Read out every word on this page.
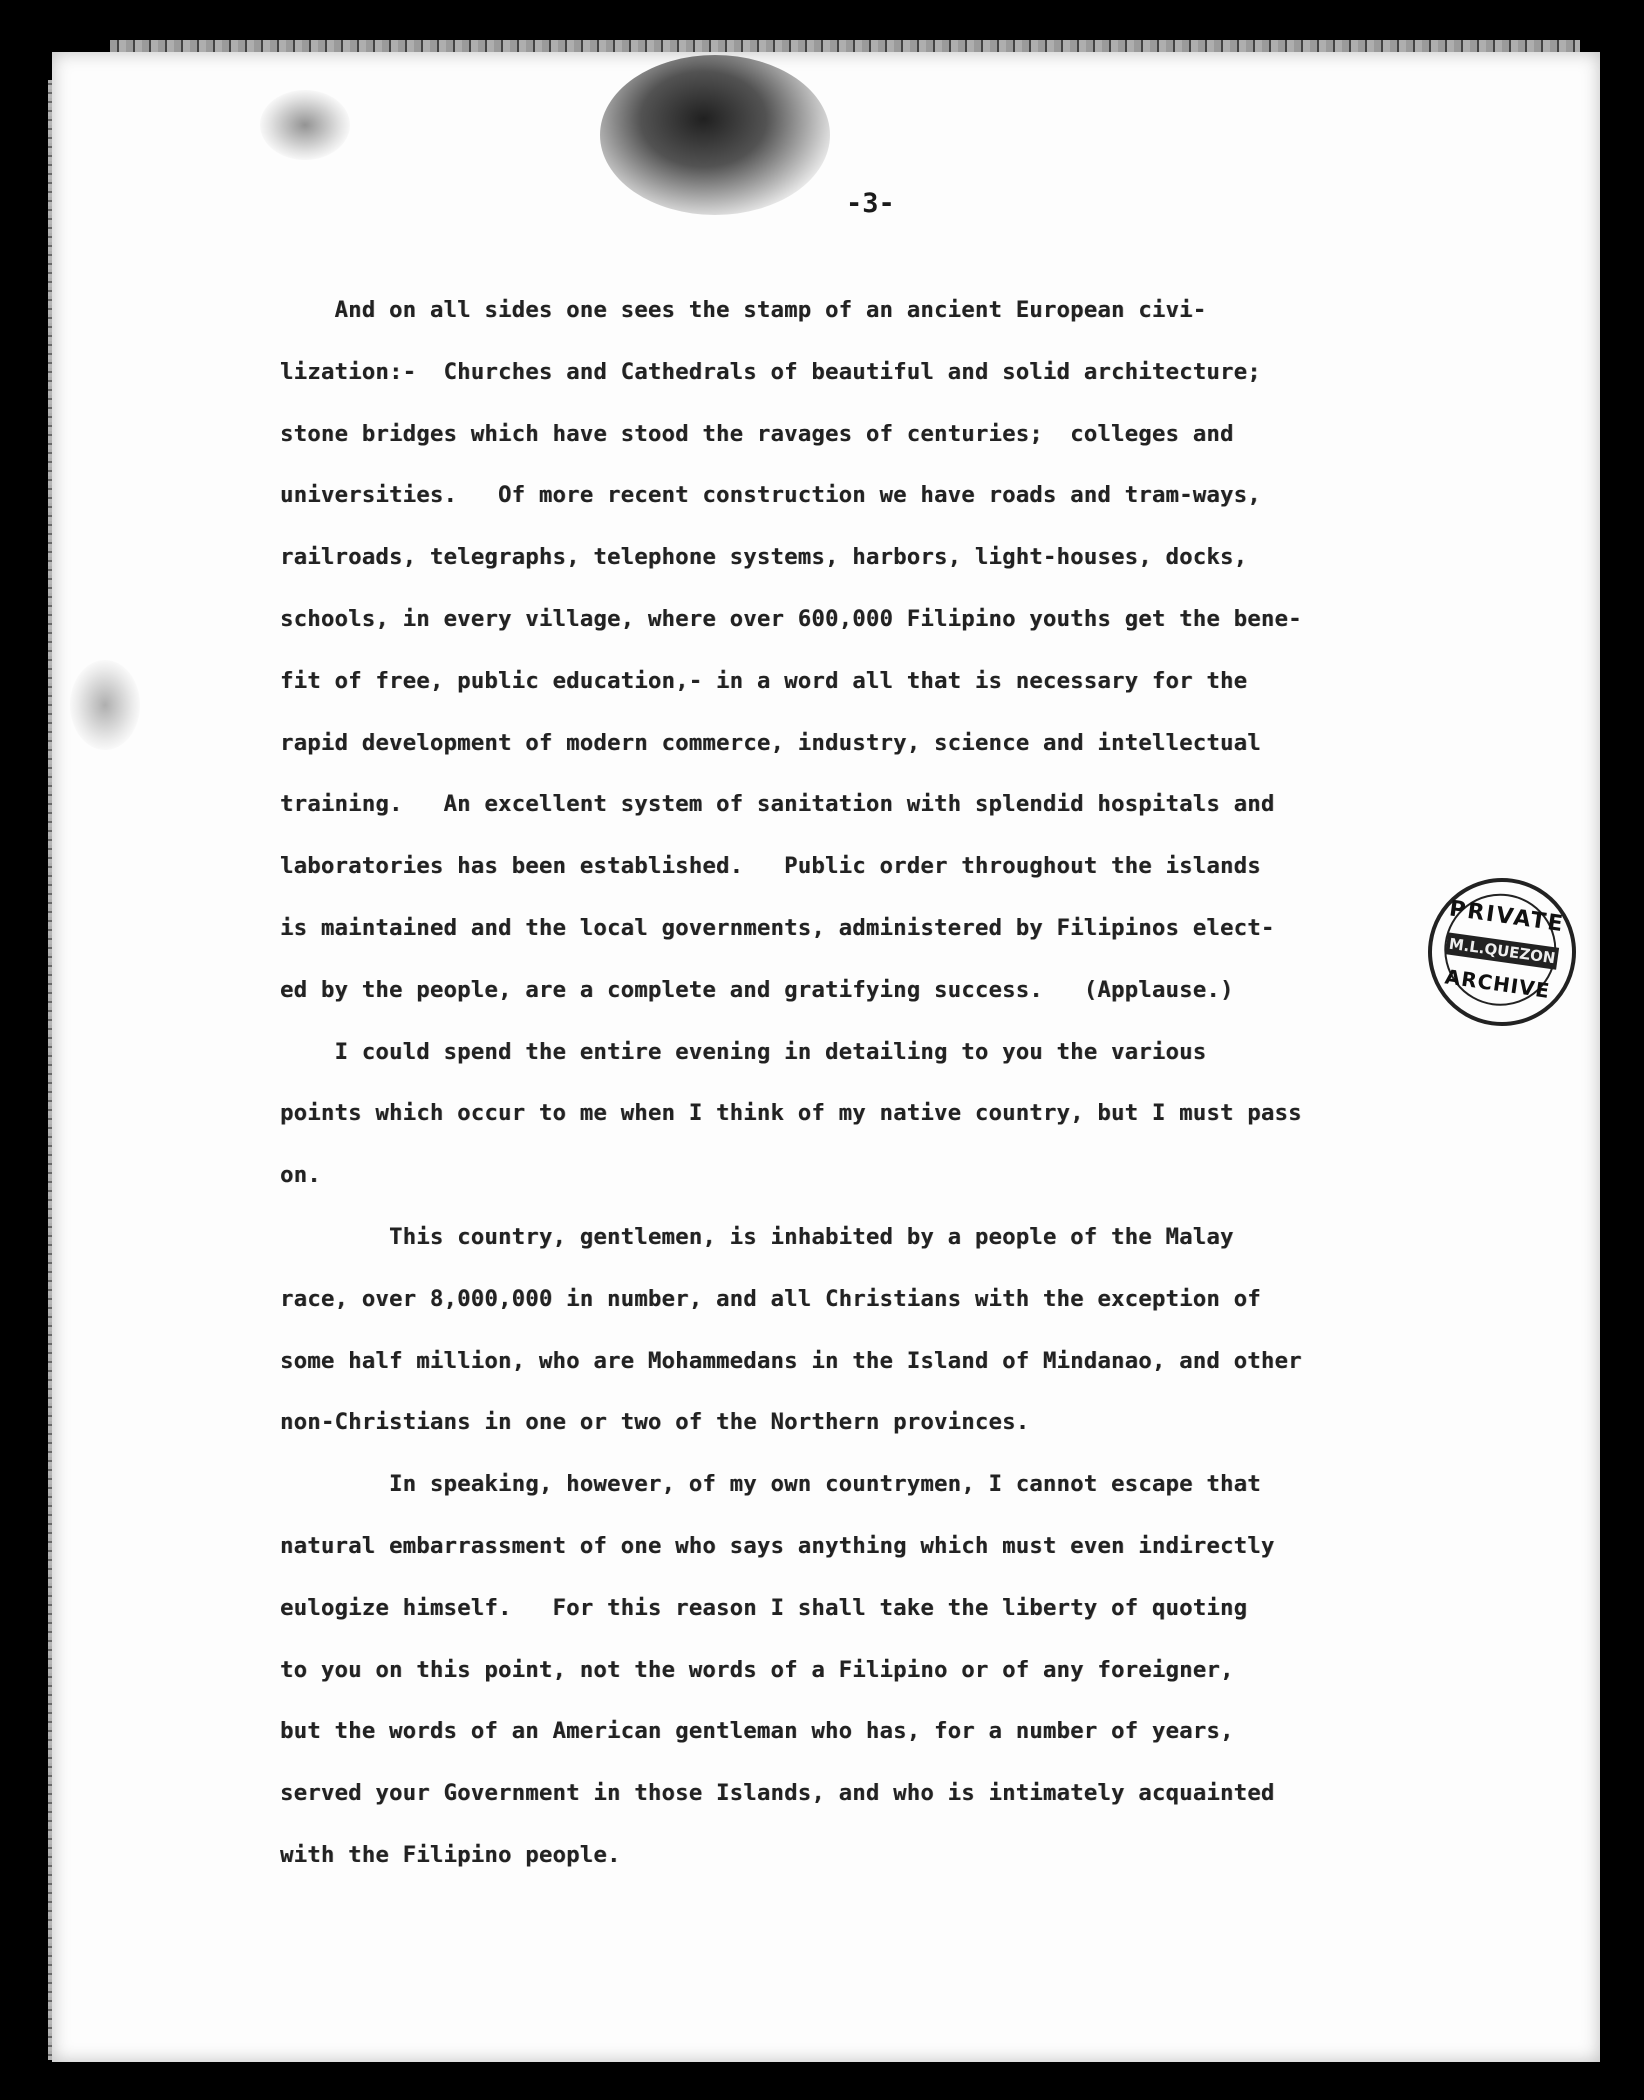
-3-
And on all sides one sees the stamp of an ancient European civi-
lization:-  Churches and Cathedrals of beautiful and solid architecture;
stone bridges which have stood the ravages of centuries;  colleges and
universities.   Of more recent construction we have roads and tram-ways,
railroads, telegraphs, telephone systems, harbors, light-houses, docks,
schools, in every village, where over 600,000 Filipino youths get the bene-
fit of free, public education,- in a word all that is necessary for the
rapid development of modern commerce, industry, science and intellectual
training.   An excellent system of sanitation with splendid hospitals and
laboratories has been established.   Public order throughout the islands
is maintained and the local governments, administered by Filipinos elect-
ed by the people, are a complete and gratifying success.   (Applause.)
I could spend the entire evening in detailing to you the various
points which occur to me when I think of my native country, but I must pass
on.
This country, gentlemen, is inhabited by a people of the Malay
race, over 8,000,000 in number, and all Christians with the exception of
some half million, who are Mohammedans in the Island of Mindanao, and other
non-Christians in one or two of the Northern provinces.
In speaking, however, of my own countrymen, I cannot escape that
natural embarrassment of one who says anything which must even indirectly
eulogize himself.   For this reason I shall take the liberty of quoting
to you on this point, not the words of a Filipino or of any foreigner,
but the words of an American gentleman who has, for a number of years,
served your Government in those Islands, and who is intimately acquainted
with the Filipino people.
PRIVATE
M.L.QUEZON
ARCHIVE
